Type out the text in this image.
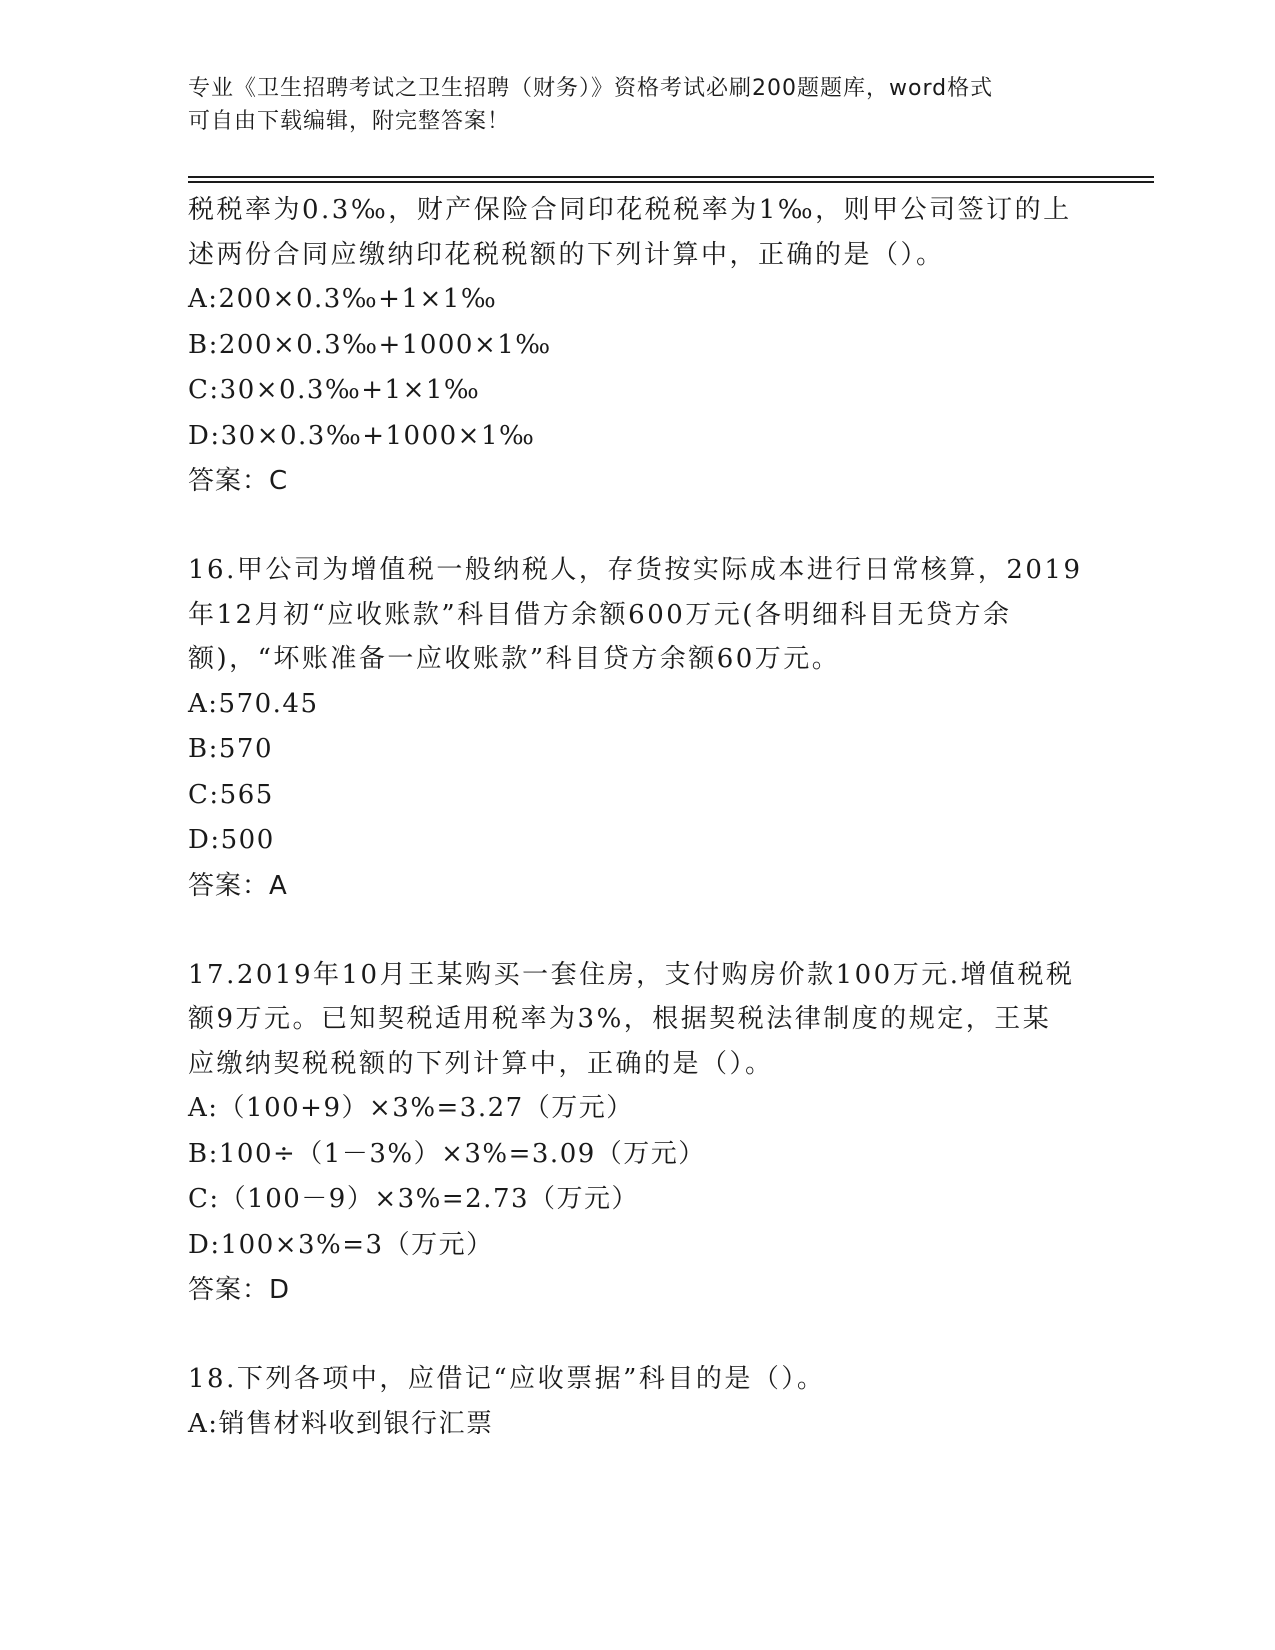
专业《卫生招聘考试之卫生招聘（财务）》资格考试必刷200题题库，word格式
可自由下载编辑，附完整答案！
税税率为0.3‰，财产保险合同印花税税率为1‰，则甲公司签订的上
述两份合同应缴纳印花税税额的下列计算中，正确的是（）。
A:200×0.3‰+1×1‰
B:200×0.3‰+1000×1‰
C:30×0.3‰+1×1‰
D:30×0.3‰+1000×1‰
答案：C
16.甲公司为增值税一般纳税人，存货按实际成本进行日常核算，2019
年12月初“应收账款”科目借方余额600万元(各明细科目无贷方余
额)，“坏账准备一应收账款”科目贷方余额60万元。
A:570.45
B:570
C:565
D:500
答案：A
17.2019年10月王某购买一套住房，支付购房价款100万元.增值税税
额9万元。已知契税适用税率为3%，根据契税法律制度的规定，王某
应缴纳契税税额的下列计算中，正确的是（）。
A:（100+9）×3%=3.27（万元）
B:100÷（1－3%）×3%=3.09（万元）
C:（100－9）×3%=2.73（万元）
D:100×3%=3（万元）
答案：D
18.下列各项中，应借记“应收票据”科目的是（）。
A:销售材料收到银行汇票
